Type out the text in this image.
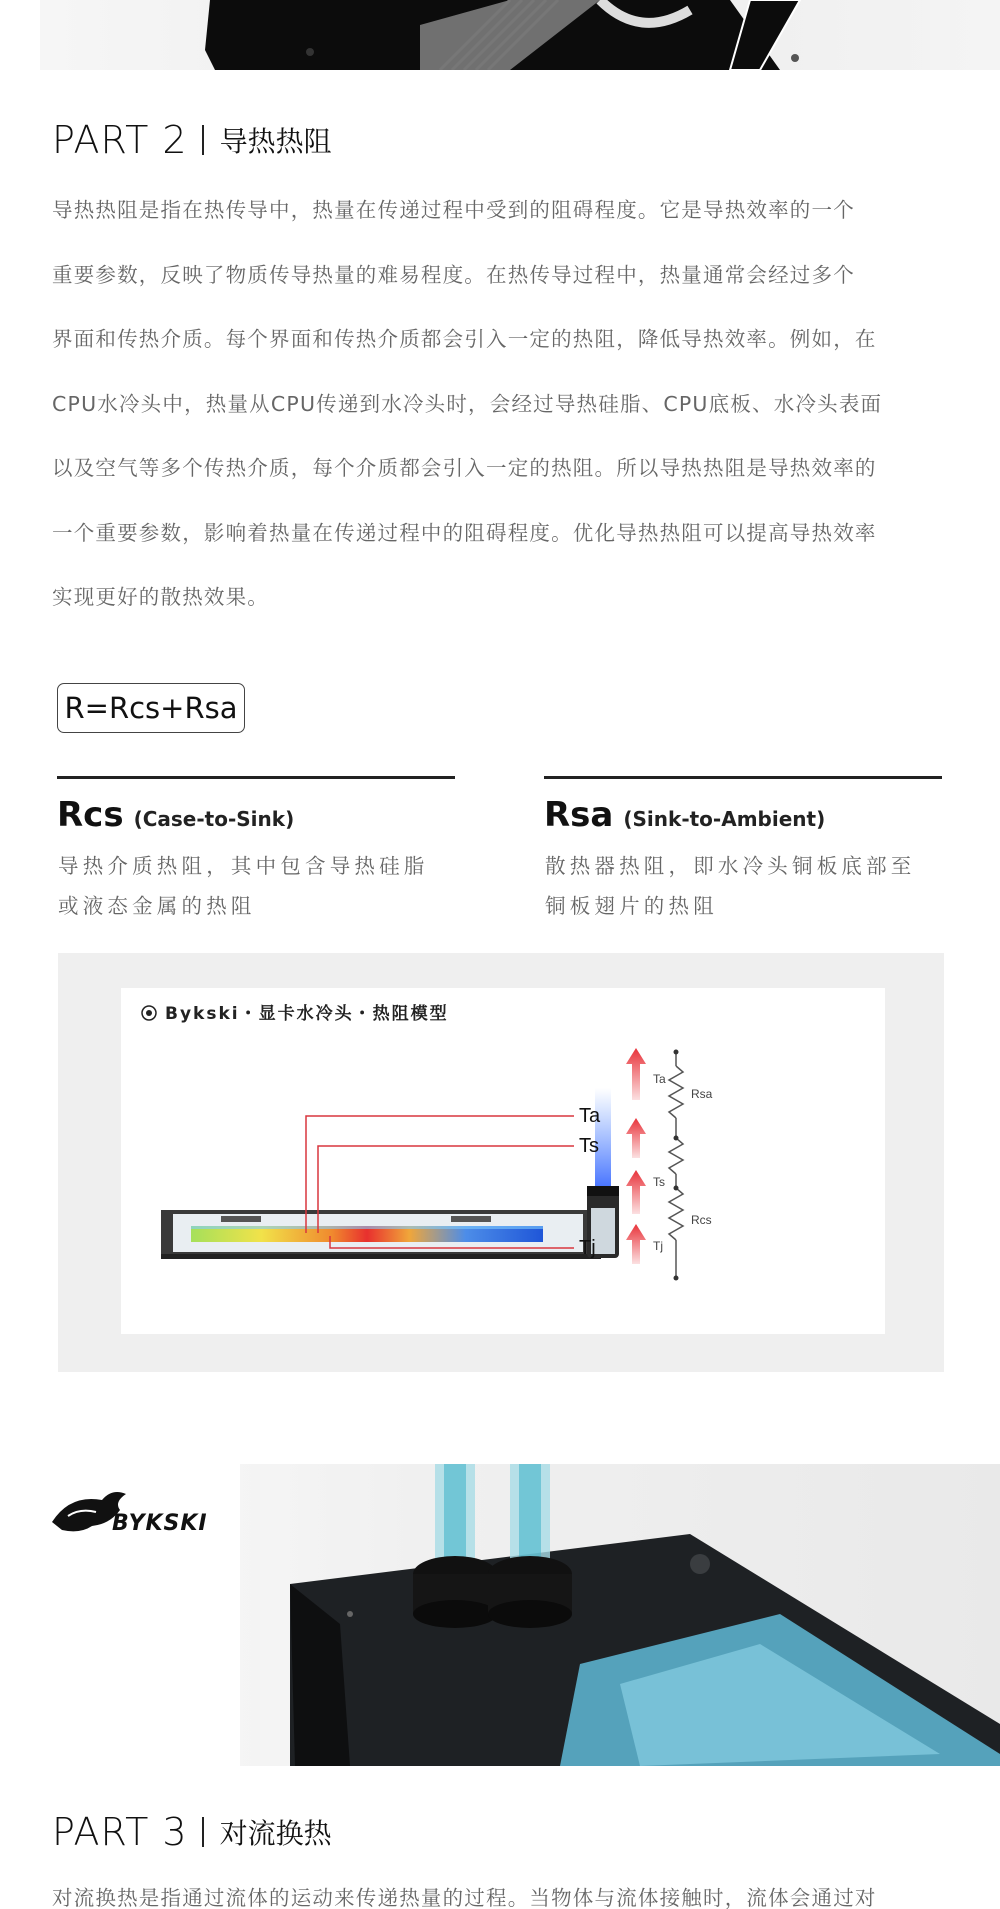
PART 2 导热热阻
导热热阻是指在热传导中，热量在传递过程中受到的阻碍程度。它是导热效率的一个
重要参数，反映了物质传导热量的难易程度。在热传导过程中，热量通常会经过多个
界面和传热介质。每个界面和传热介质都会引入一定的热阻，降低导热效率。例如，在
CPU水冷头中，热量从CPU传递到水冷头时，会经过导热硅脂、CPU底板、水冷头表面
以及空气等多个传热介质，每个介质都会引入一定的热阻。所以导热热阻是导热效率的
一个重要参数，影响着热量在传递过程中的阻碍程度。优化导热热阻可以提高导热效率
实现更好的散热效果。
R=Rcs+Rsa
Rcs (Case-to-Sink)
导热介质热阻，其中包含导热硅脂
或液态金属的热阻
Rsa (Sink-to-Ambient)
散热器热阻，即水冷头铜板底部至
铜板翅片的热阻
Bykski・显卡水冷头・热阻模型
Ta
Ts
Tj
Ta
Ts
Tj
Rsa
Rcs
BYKSKI
PART 3 对流换热
对流换热是指通过流体的运动来传递热量的过程。当物体与流体接触时，流体会通过对
